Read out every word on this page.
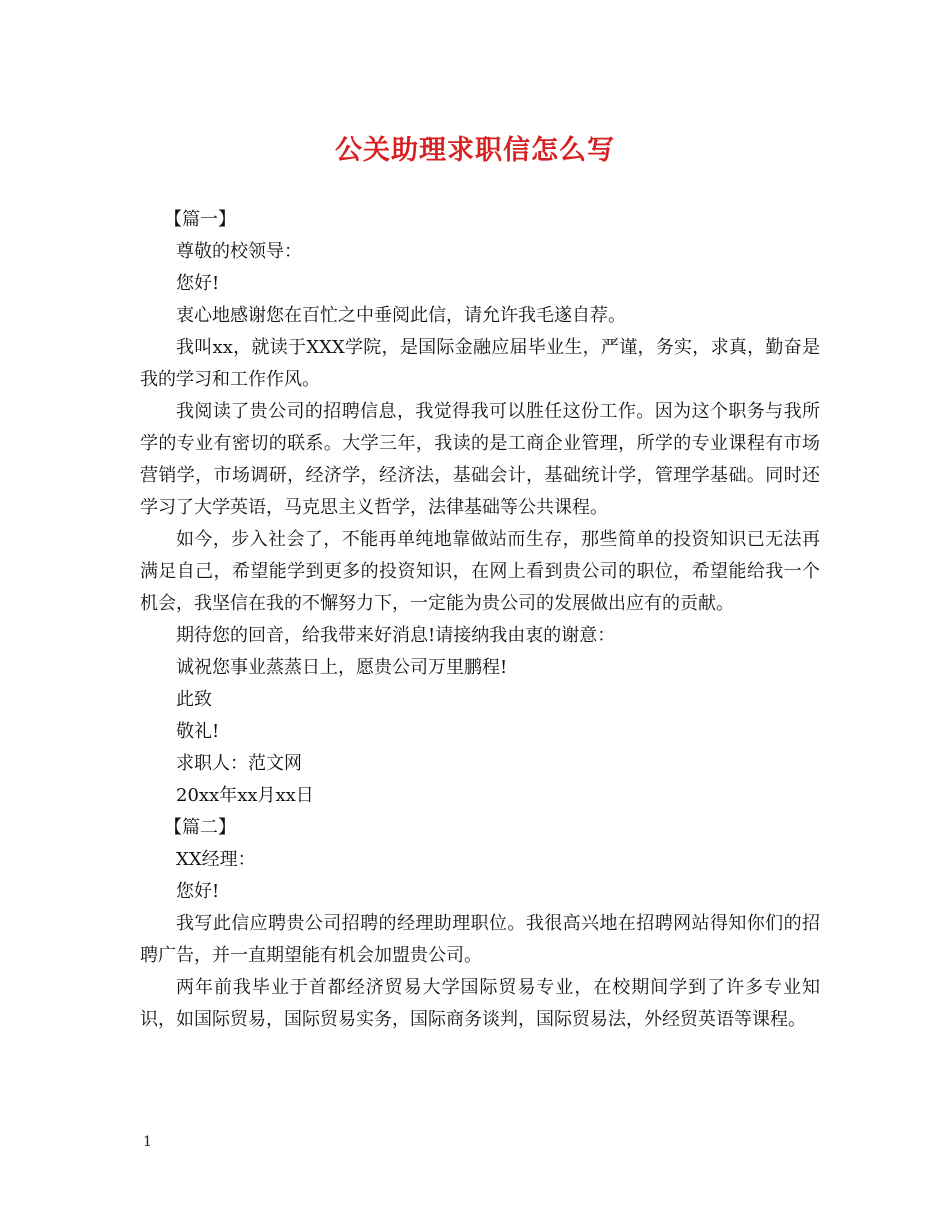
公关助理求职信怎么写

【篇一】

尊敬的校领导：

您好!

衷心地感谢您在百忙之中垂阅此信，请允许我毛遂自荐。

我叫xx，就读于XXX学院，是国际金融应届毕业生，严谨，务实，求真，勤奋是我的学习和工作作风。

我阅读了贵公司的招聘信息，我觉得我可以胜任这份工作。因为这个职务与我所学的专业有密切的联系。大学三年，我读的是工商企业管理，所学的专业课程有市场营销学，市场调研，经济学，经济法，基础会计，基础统计学，管理学基础。同时还学习了大学英语，马克思主义哲学，法律基础等公共课程。

如今，步入社会了，不能再单纯地靠做站而生存，那些简单的投资知识已无法再满足自己，希望能学到更多的投资知识，在网上看到贵公司的职位，希望能给我一个机会，我坚信在我的不懈努力下，一定能为贵公司的发展做出应有的贡献。

期待您的回音，给我带来好消息!请接纳我由衷的谢意：

诚祝您事业蒸蒸日上，愿贵公司万里鹏程!

此致

敬礼!

求职人：范文网

20xx年xx月xx日

【篇二】

XX经理：

您好!

我写此信应聘贵公司招聘的经理助理职位。我很高兴地在招聘网站得知你们的招聘广告，并一直期望能有机会加盟贵公司。

两年前我毕业于首都经济贸易大学国际贸易专业，在校期间学到了许多专业知识，如国际贸易，国际贸易实务，国际商务谈判，国际贸易法，外经贸英语等课程。

1
